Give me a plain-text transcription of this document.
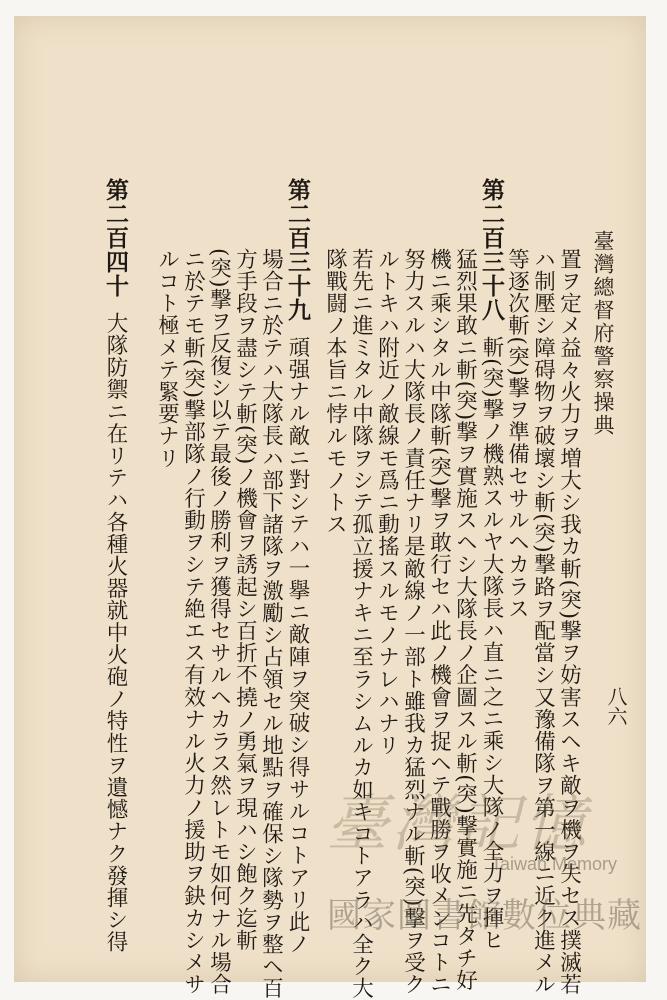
臺灣總督府警察操典
八六
置ヲ定メ益々火力ヲ増大シ我カ斬(突)撃ヲ妨害スヘキ敵ヲ機ヲ失セス撲滅若
ハ制壓シ障碍物ヲ破壞シ斬(突)撃路ヲ配當シ又豫備隊ヲ第一線ニ近ク進メル
等逐次斬(突)撃ヲ準備セサルヘカラス
第二百三十八斬(突)撃ノ機熟スルヤ大隊長ハ直ニ之ニ乘シ大隊ノ全力ヲ揮ヒ
猛烈果敢ニ斬(突)撃ヲ實施スヘシ大隊長ノ企圖スル斬(突)撃實施ニ先タチ好
機ニ乘シタル中隊斬(突)撃ヲ敢行セハ此ノ機會ヲ捉ヘテ戰勝ヲ收メンコトニ
努力スルハ大隊長ノ責任ナリ是敵線ノ一部ト雖我カ猛烈ナル斬(突)撃ヲ受ク
ルトキハ附近ノ敵線モ爲ニ動搖スルモノナレハナリ
若先ニ進ミタル中隊ヲシテ孤立援ナキニ至ラシムルカ如キコトアラハ全ク大
隊戰闘ノ本旨ニ悖ルモノトス
第二百三十九頑强ナル敵ニ對シテハ一擧ニ敵陣ヲ突破シ得サルコトアリ此ノ
場合ニ於テハ大隊長ハ部下諸隊ヲ激勵シ占領セル地點ヲ確保シ隊勢ヲ整ヘ百
方手段ヲ盡シテ斬(突)ノ機會ヲ誘起シ百折不撓ノ勇氣ヲ現ハシ飽ク迄斬
(突)撃ヲ反復シ以テ最後ノ勝利ヲ獲得セサルヘカラス然レトモ如何ナル場合
ニ於テモ斬(突)撃部隊ノ行動ヲシテ絶エス有效ナル火力ノ援助ヲ鈌カシメサ
ルコト極メテ緊要ナリ
第二百四十大隊防禦ニ在リテハ各種火器就中火砲ノ特性ヲ遺憾ナク發揮シ得	臺灣記憶
Taiwan Memory
國家圖書館數位典藏
